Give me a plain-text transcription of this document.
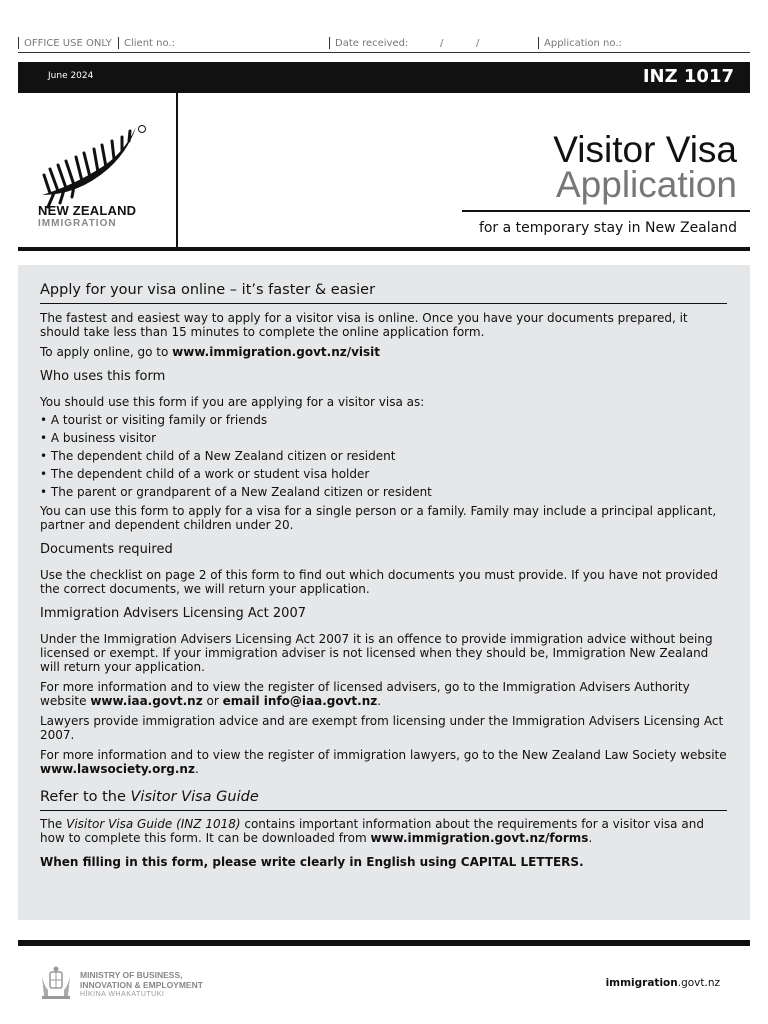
OFFICE USE ONLY Client no.:	Date received:	/	/	Application no.:
June 2024	INZ 1017
NEW ZEALAND
IMMIGRATION
Visitor Visa
Application
for a temporary stay in New Zealand
Apply for your visa online – it’s faster & easier

The fastest and easiest way to apply for a visitor visa is online. Once you have your documents prepared, it should take less than 15 minutes to complete the online application form.

To apply online, go to www.immigration.govt.nz/visit

Who uses this form

You should use this form if you are applying for a visitor visa as:

• A tourist or visiting family or friends
• A business visitor
• The dependent child of a New Zealand citizen or resident
• The dependent child of a work or student visa holder
• The parent or grandparent of a New Zealand citizen or resident

You can use this form to apply for a visa for a single person or a family. Family may include a principal applicant, partner and dependent children under 20.

Documents required

Use the checklist on page 2 of this form to find out which documents you must provide. If you have not provided the correct documents, we will return your application.

Immigration Advisers Licensing Act 2007

Under the Immigration Advisers Licensing Act 2007 it is an offence to provide immigration advice without being licensed or exempt. If your immigration adviser is not licensed when they should be, Immigration New Zealand will return your application.

For more information and to view the register of licensed advisers, go to the Immigration Advisers Authority website www.iaa.govt.nz or email info@iaa.govt.nz.

Lawyers provide immigration advice and are exempt from licensing under the Immigration Advisers Licensing Act 2007.

For more information and to view the register of immigration lawyers, go to the New Zealand Law Society website www.lawsociety.org.nz.

Refer to the Visitor Visa Guide

The Visitor Visa Guide (INZ 1018) contains important information about the requirements for a visitor visa and how to complete this form. It can be downloaded from www.immigration.govt.nz/forms.

When filling in this form, please write clearly in English using CAPITAL LETTERS.

MINISTRY OF BUSINESS,
INNOVATION & EMPLOYMENT
HĪKINA WHAKATUTUKI
immigration.govt.nz
